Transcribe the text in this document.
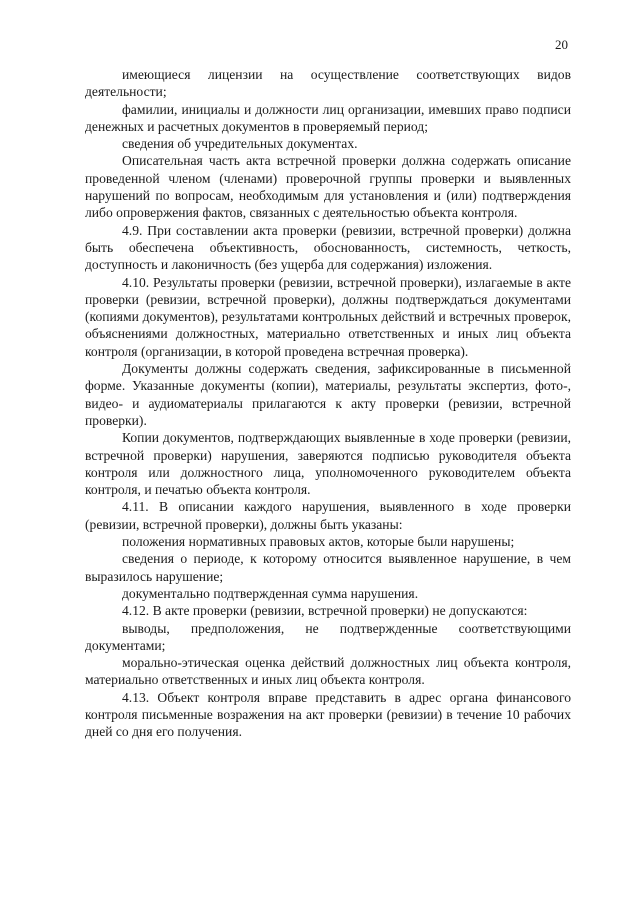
20

имеющиеся лицензии на осуществление соответствующих видов деятельности;

фамилии, инициалы и должности лиц организации, имевших право подписи денежных и расчетных документов в проверяемый период;

сведения об учредительных документах.

Описательная часть акта встречной проверки должна содержать описание проведенной членом (членами) проверочной группы проверки и выявленных нарушений по вопросам, необходимым для установления и (или) подтверждения либо опровержения фактов, связанных с деятельностью объекта контроля.

4.9. При составлении акта проверки (ревизии, встречной проверки) должна быть обеспечена объективность, обоснованность, системность, четкость, доступность и лаконичность (без ущерба для содержания) изложения.

4.10. Результаты проверки (ревизии, встречной проверки), излагаемые в акте проверки (ревизии, встречной проверки), должны подтверждаться документами (копиями документов), результатами контрольных действий и встречных проверок, объяснениями должностных, материально ответственных и иных лиц объекта контроля (организации, в которой проведена встречная проверка).

Документы должны содержать сведения, зафиксированные в письменной форме. Указанные документы (копии), материалы, результаты экспертиз, фото-, видео- и аудиоматериалы прилагаются к акту проверки (ревизии, встречной проверки).

Копии документов, подтверждающих выявленные в ходе проверки (ревизии, встречной проверки) нарушения, заверяются подписью руководителя объекта контроля или должностного лица, уполномоченного руководителем объекта контроля, и печатью объекта контроля.

4.11. В описании каждого нарушения, выявленного в ходе проверки (ревизии, встречной проверки), должны быть указаны:

положения нормативных правовых актов, которые были нарушены;

сведения о периоде, к которому относится выявленное нарушение, в чем выразилось нарушение;

документально подтвержденная сумма нарушения.

4.12. В акте проверки (ревизии, встречной проверки) не допускаются:

выводы, предположения, не подтвержденные соответствующими документами;

морально-этическая оценка действий должностных лиц объекта контроля, материально ответственных и иных лиц объекта контроля.

4.13. Объект контроля вправе представить в адрес органа финансового контроля письменные возражения на акт проверки (ревизии) в течение 10 рабочих дней со дня его получения.
